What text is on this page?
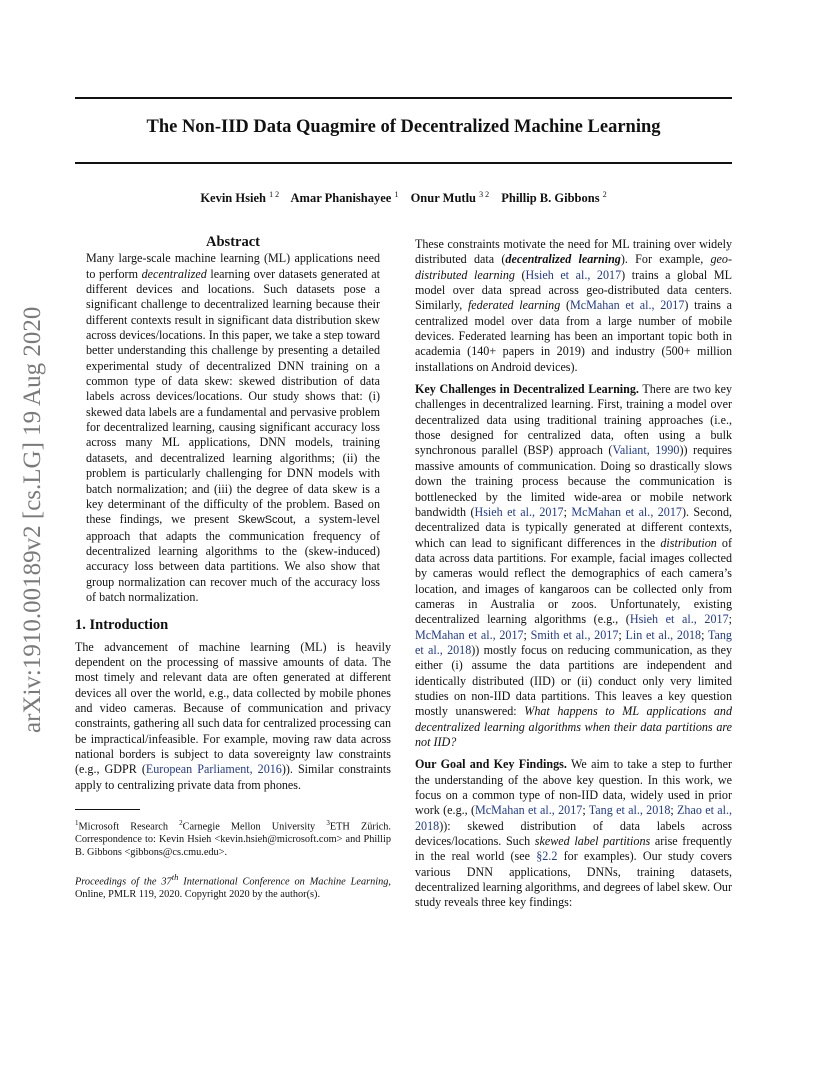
The Non-IID Data Quagmire of Decentralized Machine Learning
Kevin Hsieh $^{1 2}$ Amar Phanishayee $^1$ Onur Mutlu $^{3 2}$ Phillip B. Gibbons $^2$
arXiv:1910.00189v2 [cs.LG] 19 Aug 2020
Abstract

Many large-scale machine learning (ML) applications need to perform decentralized learning over datasets generated at different devices and locations. Such datasets pose a significant challenge to decentralized learning because their different contexts result in significant data distribution skew across devices/locations. In this paper, we take a step toward better understanding this challenge by presenting a detailed experimental study of decentralized DNN training on a common type of data skew: skewed distribution of data labels across devices/locations. Our study shows that: (i) skewed data labels are a fundamental and pervasive problem for decentralized learning, causing significant accuracy loss across many ML applications, DNN models, training datasets, and decentralized learning algorithms; (ii) the problem is particularly challenging for DNN models with batch normalization; and (iii) the degree of data skew is a key determinant of the difficulty of the problem. Based on these findings, we present SkewScout, a system-level approach that adapts the communication frequency of decentralized learning algorithms to the (skew-induced) accuracy loss between data partitions. We also show that group normalization can recover much of the accuracy loss of batch normalization.

1. Introduction

The advancement of machine learning (ML) is heavily dependent on the processing of massive amounts of data. The most timely and relevant data are often generated at different devices all over the world, e.g., data collected by mobile phones and video cameras. Because of communication and privacy constraints, gathering all such data for centralized processing can be impractical/infeasible. For example, moving raw data across national borders is subject to data sovereignty law constraints (e.g., GDPR (European Parliament, 2016)). Similar constraints apply to centralizing private data from phones.

$^1$Microsoft Research $^2$Carnegie Mellon University $^3$ETH Zürich. Correspondence to: Kevin Hsieh <kevin.hsieh@microsoft.com> and Phillip B. Gibbons <gibbons@cs.cmu.edu>.
Proceedings of the 37th International Conference on Machine Learning, Online, PMLR 119, 2020. Copyright 2020 by the author(s).

These constraints motivate the need for ML training over widely distributed data (decentralized learning). For example, geo-distributed learning (Hsieh et al., 2017) trains a global ML model over data spread across geo-distributed data centers. Similarly, federated learning (McMahan et al., 2017) trains a centralized model over data from a large number of mobile devices. Federated learning has been an important topic both in academia (140+ papers in 2019) and industry (500+ million installations on Android devices).

Key Challenges in Decentralized Learning. There are two key challenges in decentralized learning. First, training a model over decentralized data using traditional training approaches (i.e., those designed for centralized data, often using a bulk synchronous parallel (BSP) approach (Valiant, 1990)) requires massive amounts of communication. Doing so drastically slows down the training process because the communication is bottlenecked by the limited wide-area or mobile network bandwidth (Hsieh et al., 2017; McMahan et al., 2017). Second, decentralized data is typically generated at different contexts, which can lead to significant differences in the distribution of data across data partitions. For example, facial images collected by cameras would reflect the demographics of each camera’s location, and images of kangaroos can be collected only from cameras in Australia or zoos. Unfortunately, existing decentralized learning algorithms (e.g., (Hsieh et al., 2017; McMahan et al., 2017; Smith et al., 2017; Lin et al., 2018; Tang et al., 2018)) mostly focus on reducing communication, as they either (i) assume the data partitions are independent and identically distributed (IID) or (ii) conduct only very limited studies on non-IID data partitions. This leaves a key question mostly unanswered: What happens to ML applications and decentralized learning algorithms when their data partitions are not IID?

Our Goal and Key Findings. We aim to take a step to further the understanding of the above key question. In this work, we focus on a common type of non-IID data, widely used in prior work (e.g., (McMahan et al., 2017; Tang et al., 2018; Zhao et al., 2018)): skewed distribution of data labels across devices/locations. Such skewed label partitions arise frequently in the real world (see §2.2 for examples). Our study covers various DNN applications, DNNs, training datasets, decentralized learning algorithms, and degrees of label skew. Our study reveals three key findings:
